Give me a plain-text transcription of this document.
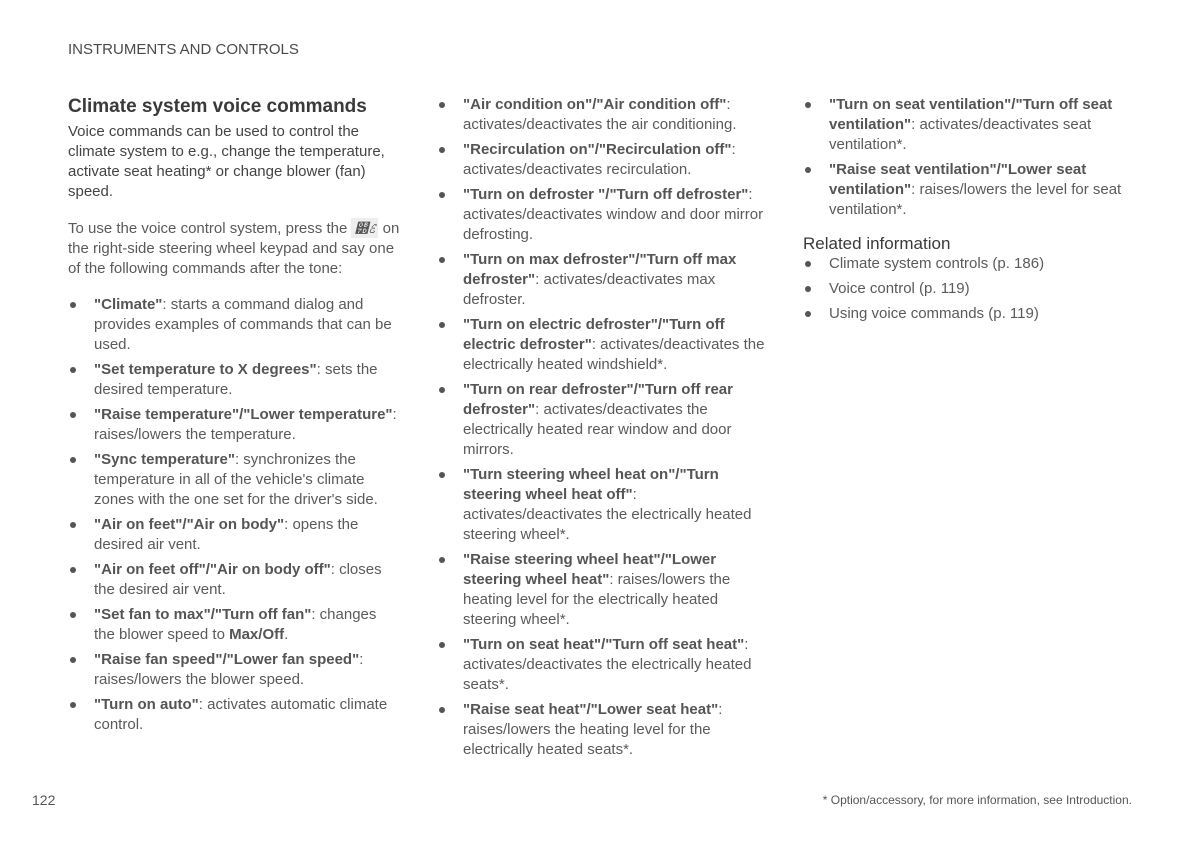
INSTRUMENTS AND CONTROLS
Climate system voice commands

Voice commands can be used to control the climate system to e.g., change the temperature, activate seat heating* or change blower (fan) speed.

To use the voice control system, press the ୽ℰ on the right-side steering wheel keypad and say one of the following commands after the tone:

"Climate": starts a command dialog and provides examples of commands that can be used.
"Set temperature to X degrees": sets the desired temperature.
"Raise temperature"/"Lower temperature": raises/lowers the temperature.
"Sync temperature": synchronizes the temperature in all of the vehicle's climate zones with the one set for the driver's side.
"Air on feet"/"Air on body": opens the desired air vent.
"Air on feet off"/"Air on body off": closes the desired air vent.
"Set fan to max"/"Turn off fan": changes the blower speed to Max/Off.
"Raise fan speed"/"Lower fan speed": raises/lowers the blower speed.
"Turn on auto": activates automatic climate control.
"Air condition on"/"Air condition off": activates/deactivates the air conditioning.
"Recirculation on"/"Recirculation off": activates/deactivates recirculation.
"Turn on defroster "/"Turn off defroster": activates/deactivates window and door mirror defrosting.
"Turn on max defroster"/"Turn off max defroster": activates/deactivates max defroster.
"Turn on electric defroster"/"Turn off electric defroster": activates/deactivates the electrically heated windshield*.
"Turn on rear defroster"/"Turn off rear defroster": activates/deactivates the electrically heated rear window and door mirrors.
"Turn steering wheel heat on"/"Turn steering wheel heat off": activates/deactivates the electrically heated steering wheel*.
"Raise steering wheel heat"/"Lower steering wheel heat": raises/lowers the heating level for the electrically heated steering wheel*.
"Turn on seat heat"/"Turn off seat heat": activates/deactivates the electrically heated seats*.
"Raise seat heat"/"Lower seat heat": raises/lowers the heating level for the electrically heated seats*.
"Turn on seat ventilation"/"Turn off seat ventilation": activates/deactivates seat ventilation*.
"Raise seat ventilation"/"Lower seat ventilation": raises/lowers the level for seat ventilation*.
Related information
Climate system controls (p. 186)
Voice control (p. 119)
Using voice commands (p. 119)
122	* Option/accessory, for more information, see Introduction.
